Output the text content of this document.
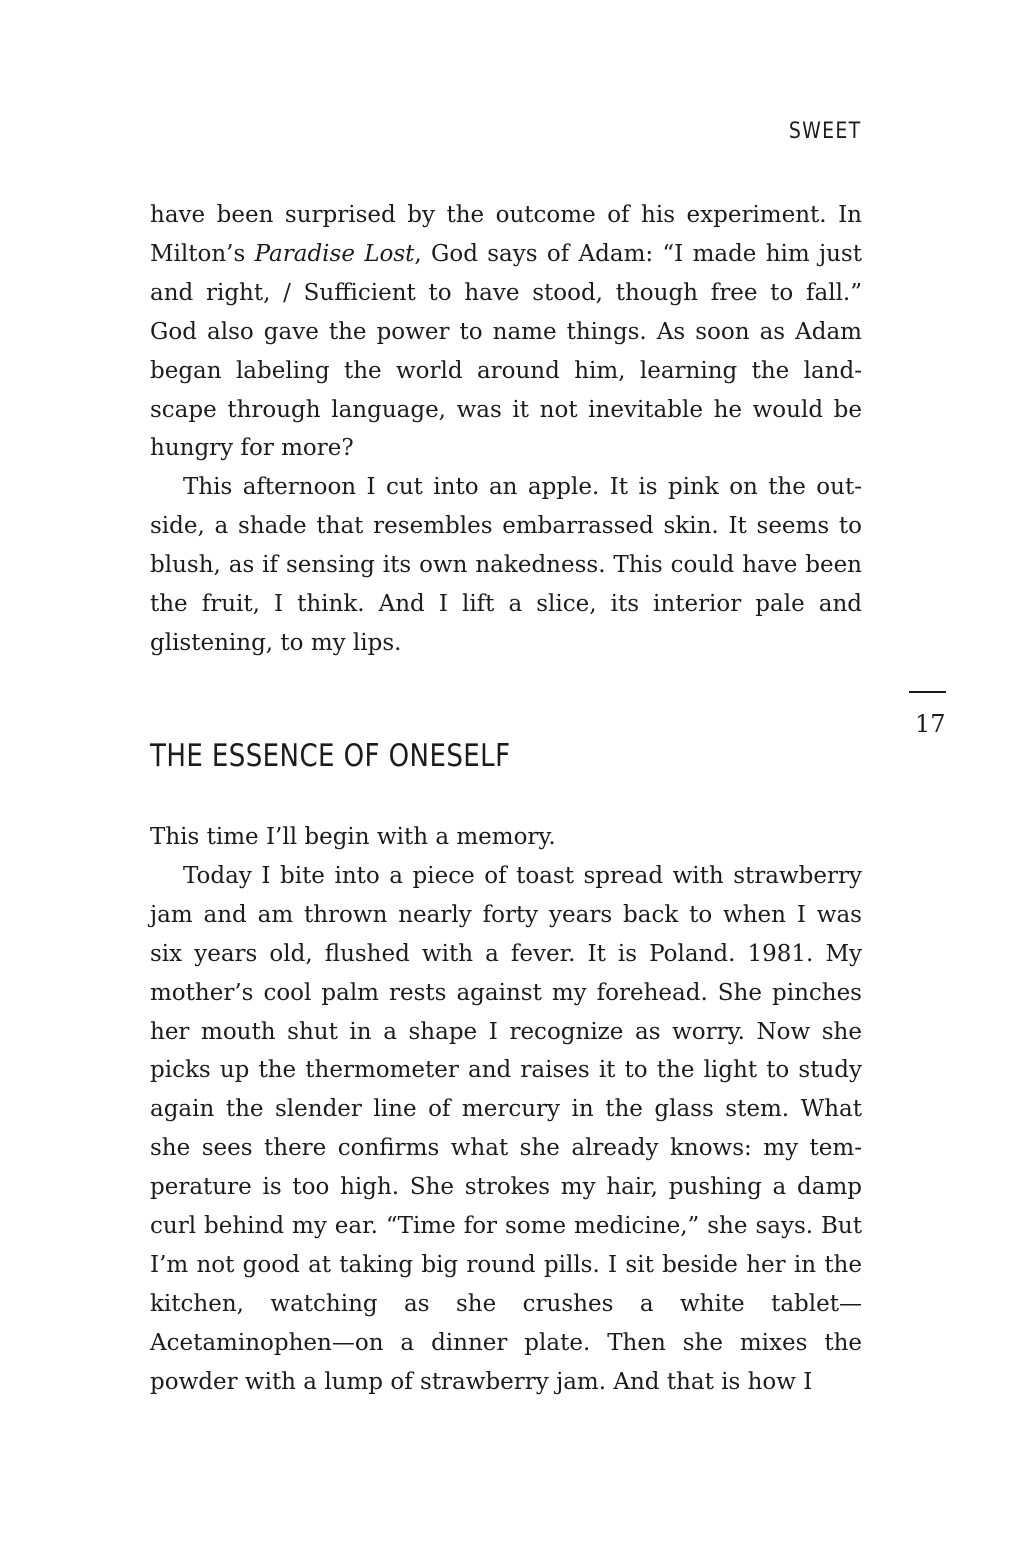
SWEET

have been surprised by the outcome of his experiment. In Milton’s Paradise Lost, God says of Adam: “I made him just and right, / Sufficient to have stood, though free to fall.” God also gave the power to name things. As soon as Adam began labeling the world around him, learning the landscape through language, was it not inevitable he would be hungry for more?

This afternoon I cut into an apple. It is pink on the outside, a shade that resembles embarrassed skin. It seems to blush, as if sensing its own nakedness. This could have been the fruit, I think. And I lift a slice, its interior pale and glistening, to my lips.

17
THE ESSENCE OF ONESELF

This time I’ll begin with a memory.

Today I bite into a piece of toast spread with strawberry jam and am thrown nearly forty years back to when I was six years old, flushed with a fever. It is Poland. 1981. My mother’s cool palm rests against my forehead. She pinches her mouth shut in a shape I recognize as worry. Now she picks up the thermometer and raises it to the light to study again the slender line of mercury in the glass stem. What she sees there confirms what she already knows: my temperature is too high. She strokes my hair, pushing a damp curl behind my ear. “Time for some medicine,” she says. But I’m not good at taking big round pills. I sit beside her in the kitchen, watching as she crushes a white tablet—Acetaminophen—on a dinner plate. Then she mixes the powder with a lump of strawberry jam. And that is how I
